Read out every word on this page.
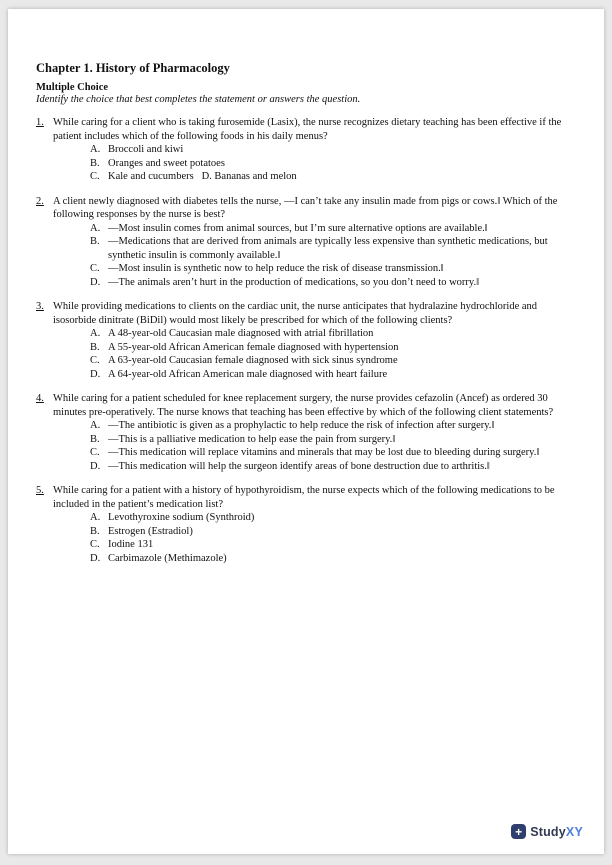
Chapter 1. History of Pharmacology
Multiple Choice

Identify the choice that best completes the statement or answers the question.

1. While caring for a client who is taking furosemide (Lasix), the nurse recognizes dietary teaching has been effective if the patient includes which of the following foods in his daily menus?
A. Broccoli and kiwi
B. Oranges and sweet potatoes
C. Kale and cucumbers   D. Bananas and melon
2. A client newly diagnosed with diabetes tells the nurse, ―I can’t take any insulin made from pigs or cows.‖ Which of the following responses by the nurse is best?
A. ―Most insulin comes from animal sources, but I’m sure alternative options are available.‖
B. ―Medications that are derived from animals are typically less expensive than synthetic medications, but synthetic insulin is commonly available.‖
C. ―Most insulin is synthetic now to help reduce the risk of disease transmission.‖
D. ―The animals aren’t hurt in the production of medications, so you don’t need to worry.‖
3. While providing medications to clients on the cardiac unit, the nurse anticipates that hydralazine hydrochloride and isosorbide dinitrate (BiDil) would most likely be prescribed for which of the following clients?
A. A 48-year-old Caucasian male diagnosed with atrial fibrillation
B. A 55-year-old African American female diagnosed with hypertension
C. A 63-year-old Caucasian female diagnosed with sick sinus syndrome
D. A 64-year-old African American male diagnosed with heart failure
4. While caring for a patient scheduled for knee replacement surgery, the nurse provides cefazolin (Ancef) as ordered 30 minutes pre-operatively. The nurse knows that teaching has been effective by which of the following client statements?
A. ―The antibiotic is given as a prophylactic to help reduce the risk of infection after surgery.‖
B. ―This is a palliative medication to help ease the pain from surgery.‖
C. ―This medication will replace vitamins and minerals that may be lost due to bleeding during surgery.‖
D. ―This medication will help the surgeon identify areas of bone destruction due to arthritis.‖
5. While caring for a patient with a history of hypothyroidism, the nurse expects which of the following medications to be included in the patient’s medication list?
A. Levothyroxine sodium (Synthroid)
B. Estrogen (Estradiol)
C. Iodine 131
D. Carbimazole (Methimazole)
+ StudyXY
